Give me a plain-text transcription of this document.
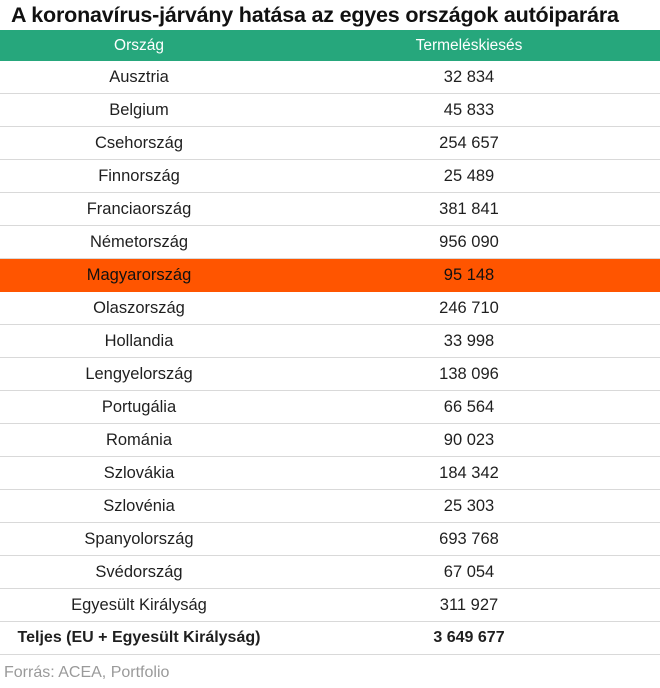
A koronavírus-járvány hatása az egyes országok autóiparára
Ország	Termeléskiesés
Ausztria	32 834
Belgium	45 833
Csehország	254 657
Finnország	25 489
Franciaország	381 841
Németország	956 090
Magyarország	95 148
Olaszország	246 710
Hollandia	33 998
Lengyelország	138 096
Portugália	66 564
Románia	90 023
Szlovákia	184 342
Szlovénia	25 303
Spanyolország	693 768
Svédország	67 054
Egyesült Királyság	311 927
Teljes (EU + Egyesült Királyság)	3 649 677
Forrás: ACEA, Portfolio
